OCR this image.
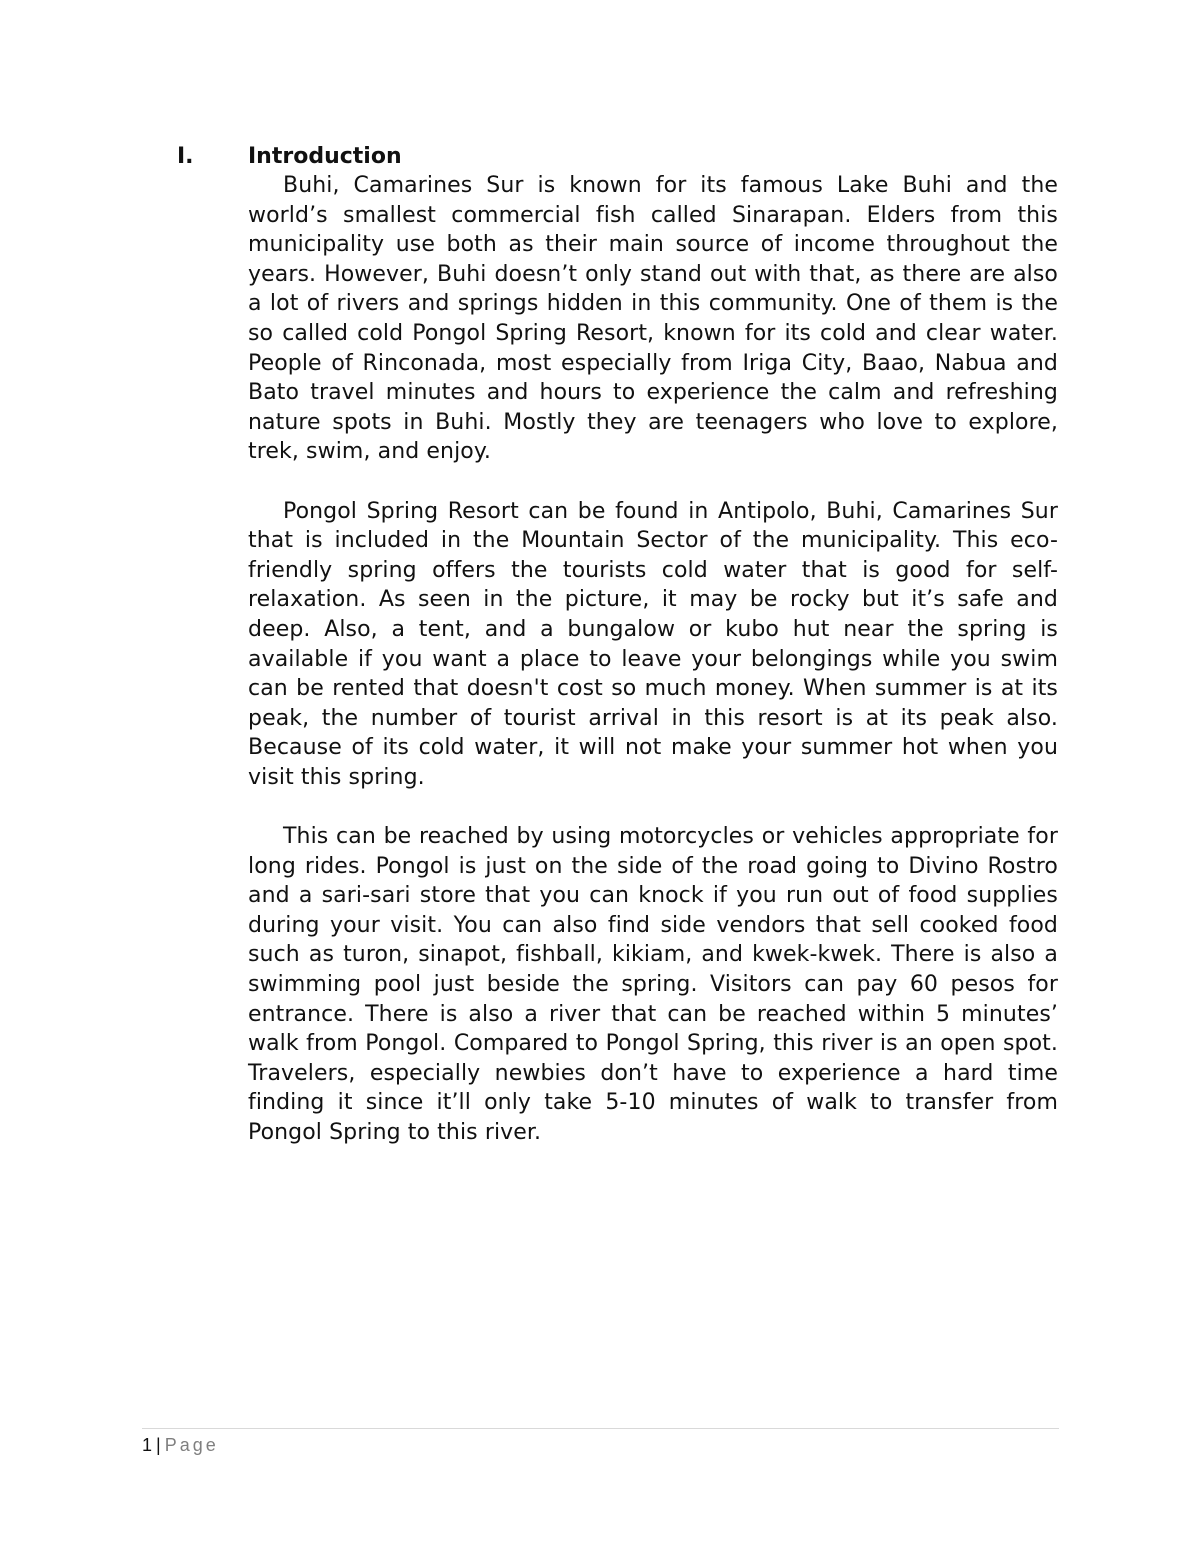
I. Introduction

Buhi, Camarines Sur is known for its famous Lake Buhi and the world’s smallest commercial fish called Sinarapan. Elders from this municipality use both as their main source of income throughout the years. However, Buhi doesn’t only stand out with that, as there are also a lot of rivers and springs hidden in this community. One of them is the so called cold Pongol Spring Resort, known for its cold and clear water. People of Rinconada, most especially from Iriga City, Baao, Nabua and Bato travel minutes and hours to experience the calm and refreshing nature spots in Buhi. Mostly they are teenagers who love to explore, trek, swim, and enjoy.

Pongol Spring Resort can be found in Antipolo, Buhi, Camarines Sur that is included in the Mountain Sector of the municipality. This eco-friendly spring offers the tourists cold water that is good for self-relaxation. As seen in the picture, it may be rocky but it’s safe and deep. Also, a tent, and a bungalow or kubo hut near the spring is available if you want a place to leave your belongings while you swim can be rented that doesn't cost so much money. When summer is at its peak, the number of tourist arrival in this resort is at its peak also. Because of its cold water, it will not make your summer hot when you visit this spring.

This can be reached by using motorcycles or vehicles appropriate for long rides. Pongol is just on the side of the road going to Divino Rostro and a sari-sari store that you can knock if you run out of food supplies during your visit. You can also find side vendors that sell cooked food such as turon, sinapot, fishball, kikiam, and kwek-kwek. There is also a swimming pool just beside the spring. Visitors can pay 60 pesos for entrance. There is also a river that can be reached within 5 minutes’ walk from Pongol. Compared to Pongol Spring, this river is an open spot. Travelers, especially newbies don’t have to experience a hard time finding it since it’ll only take 5-10 minutes of walk to transfer from Pongol Spring to this river.

1 | Page
